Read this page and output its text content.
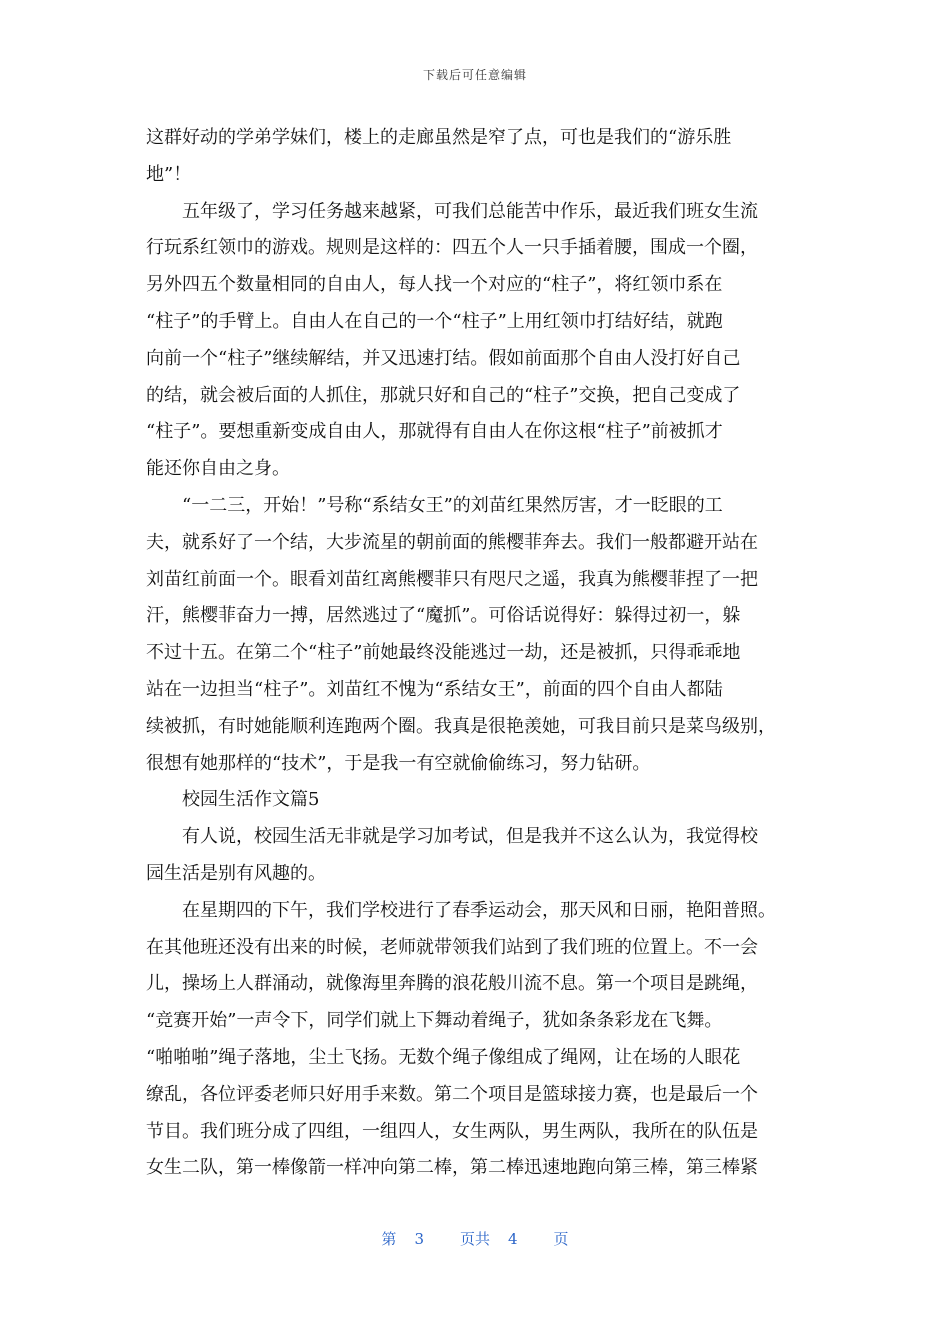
下载后可任意编辑
这群好动的学弟学妹们，楼上的走廊虽然是窄了点，可也是我们的“游乐胜
地”！
　　五年级了，学习任务越来越紧，可我们总能苦中作乐，最近我们班女生流
行玩系红领巾的游戏。规则是这样的：四五个人一只手插着腰，围成一个圈，
另外四五个数量相同的自由人，每人找一个对应的“柱子”，将红领巾系在
“柱子”的手臂上。自由人在自己的一个“柱子”上用红领巾打结好结，就跑
向前一个“柱子”继续解结，并又迅速打结。假如前面那个自由人没打好自己
的结，就会被后面的人抓住，那就只好和自己的“柱子”交换，把自己变成了
“柱子”。要想重新变成自由人，那就得有自由人在你这根“柱子”前被抓才
能还你自由之身。
　　“一二三，开始！”号称“系结女王”的刘苗红果然厉害，才一眨眼的工
夫，就系好了一个结，大步流星的朝前面的熊樱菲奔去。我们一般都避开站在
刘苗红前面一个。眼看刘苗红离熊樱菲只有咫尺之遥，我真为熊樱菲捏了一把
汗，熊樱菲奋力一搏，居然逃过了“魔抓”。可俗话说得好：躲得过初一，躲
不过十五。在第二个“柱子”前她最终没能逃过一劫，还是被抓，只得乖乖地
站在一边担当“柱子”。刘苗红不愧为“系结女王”，前面的四个自由人都陆
续被抓，有时她能顺利连跑两个圈。我真是很艳羡她，可我目前只是菜鸟级别，
很想有她那样的“技术”，于是我一有空就偷偷练习，努力钻研。
　　校园生活作文篇5
　　有人说，校园生活无非就是学习加考试，但是我并不这么认为，我觉得校
园生活是别有风趣的。
　　在星期四的下午，我们学校进行了春季运动会，那天风和日丽，艳阳普照。
在其他班还没有出来的时候，老师就带领我们站到了我们班的位置上。不一会
儿，操场上人群涌动，就像海里奔腾的浪花般川流不息。第一个项目是跳绳，
“竞赛开始”一声令下，同学们就上下舞动着绳子，犹如条条彩龙在飞舞。
“啪啪啪”绳子落地，尘土飞扬。无数个绳子像组成了绳网，让在场的人眼花
缭乱，各位评委老师只好用手来数。第二个项目是篮球接力赛，也是最后一个
节目。我们班分成了四组，一组四人，女生两队，男生两队，我所在的队伍是
女生二队，第一棒像箭一样冲向第二棒，第二棒迅速地跑向第三棒，第三棒紧
第 3 页共 4 页
